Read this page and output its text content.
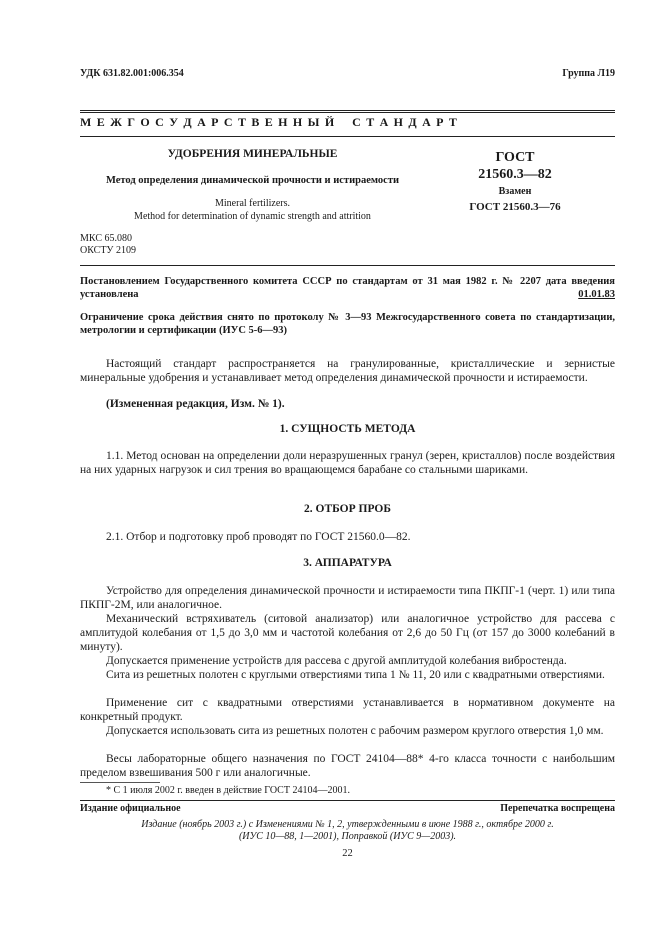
УДК 631.82.001:006.354	Группа Л19
М Е Ж Г О С У Д А Р С Т В Е Н Н Ы Й    С Т А Н Д А Р Т
УДОБРЕНИЯ МИНЕРАЛЬНЫЕ
Метод определения динамической прочности и истираемости
Mineral fertilizers.
Method for determination of dynamic strength and attrition
ГОСТ
21560.3—82
Взамен
ГОСТ 21560.3—76
МКС 65.080
ОКСТУ 2109
Постановлением Государственного комитета СССР по стандартам от 31 мая 1982 г. № 2207 дата введения установлена	01.01.83
Ограничение срока действия снято по протоколу № 3—93 Межгосударственного совета по стандартизации, метрологии и сертификации (ИУС 5-6—93)
Настоящий стандарт распространяется на гранулированные, кристаллические и зернистые минеральные удобрения и устанавливает метод определения динамической прочности и истираемости.
(Измененная редакция, Изм. № 1).
1. СУЩНОСТЬ МЕТОДА
1.1. Метод основан на определении доли неразрушенных гранул (зерен, кристаллов) после воздействия на них ударных нагрузок и сил трения во вращающемся барабане со стальными шариками.
2. ОТБОР ПРОБ
2.1. Отбор и подготовку проб проводят по ГОСТ 21560.0—82.
3. АППАРАТУРА
Устройство для определения динамической прочности и истираемости типа ПКПГ-1 (черт. 1) или типа ПКПГ-2М, или аналогичное.
Механический встряхиватель (ситовой анализатор) или аналогичное устройство для рассева с амплитудой колебания от 1,5 до 3,0 мм и частотой колебания от 2,6 до 50 Гц (от 157 до 3000 колебаний в минуту).
Допускается применение устройств для рассева с другой амплитудой колебания вибростенда.
Сита из решетных полотен с круглыми отверстиями типа 1 № 11, 20 или с квадратными отверстиями.
Применение сит с квадратными отверстиями устанавливается в нормативном документе на конкретный продукт.
Допускается использовать сита из решетных полотен с рабочим размером круглого отверстия 1,0 мм.
Весы лабораторные общего назначения по ГОСТ 24104—88* 4-го класса точности с наибольшим пределом взвешивания 500 г или аналогичные.
* С 1 июля 2002 г. введен в действие ГОСТ 24104—2001.
Издание официальное	Перепечатка воспрещена
Издание (ноябрь 2003 г.) с Изменениями № 1, 2, утвержденными в июне 1988 г., октябре 2000 г.
(ИУС 10—88, 1—2001), Поправкой (ИУС 9—2003).
22
